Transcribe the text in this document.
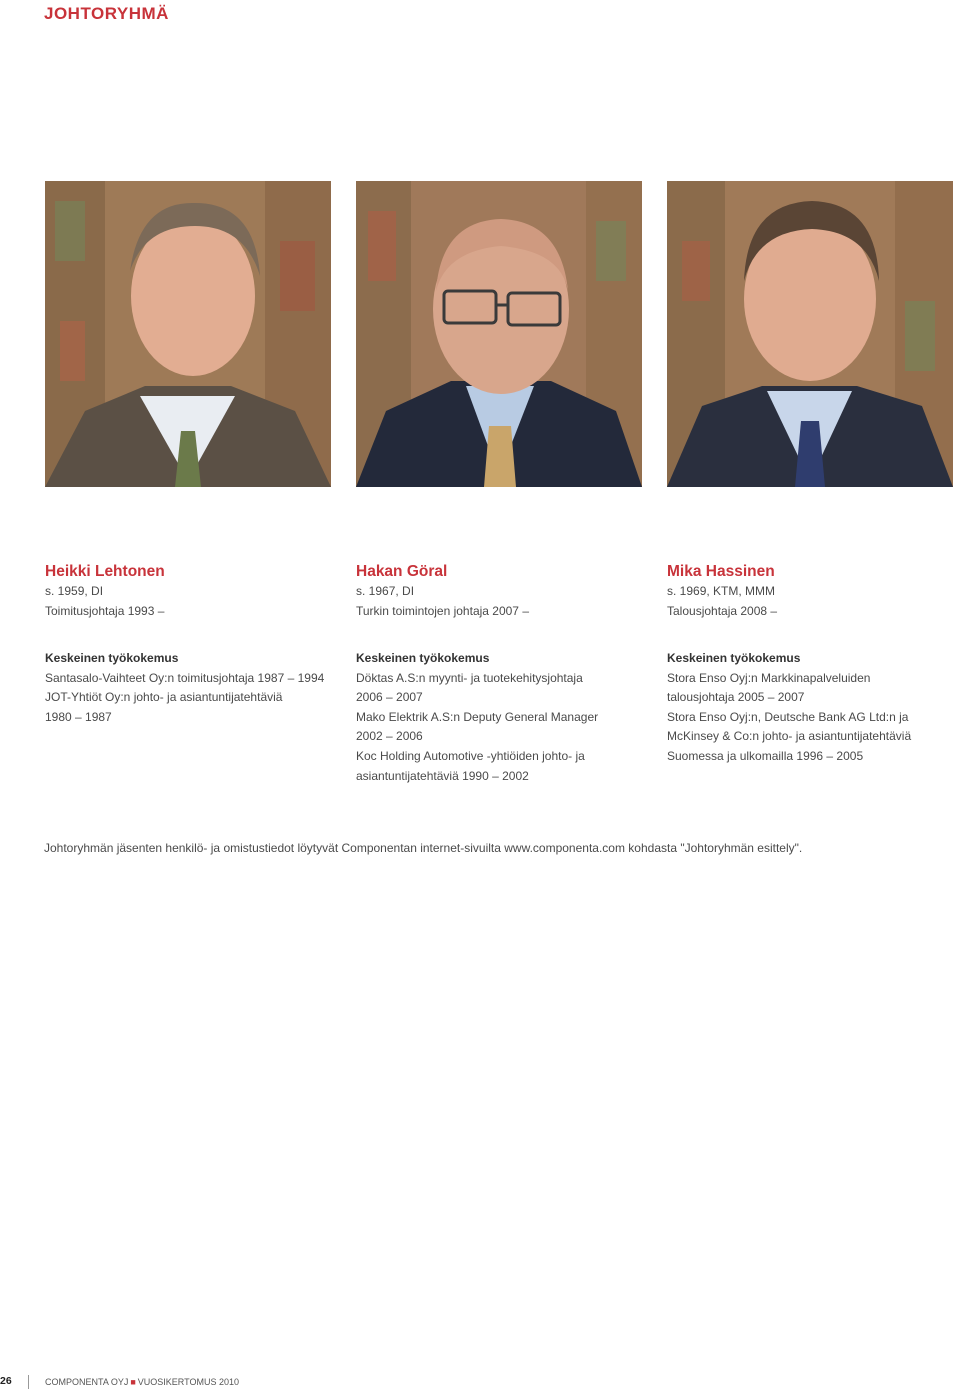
JOHTORYHMÄ

Heikki Lehtonen

s. 1959, DI

Toimitusjohtaja 1993 –

Keskeinen työkokemus

Santasalo-Vaihteet Oy:n toimitusjohtaja 1987 – 1994

JOT-Yhtiöt Oy:n johto- ja asiantuntijatehtäviä

1980 – 1987

Hakan Göral

s. 1967, DI

Turkin toimintojen johtaja 2007 –

Keskeinen työkokemus

Döktas A.S:n myynti- ja tuotekehitysjohtaja

2006 – 2007

Mako Elektrik A.S:n Deputy General Manager

2002 – 2006

Koc Holding Automotive -yhtiöiden johto- ja

asiantuntijatehtäviä 1990 – 2002

Mika Hassinen

s. 1969, KTM, MMM

Talousjohtaja 2008 –

Keskeinen työkokemus

Stora Enso Oyj:n Markkinapalveluiden

talousjohtaja 2005 – 2007

Stora Enso Oyj:n, Deutsche Bank AG Ltd:n ja

McKinsey & Co:n johto- ja asiantuntijatehtäviä

Suomessa ja ulkomailla 1996 – 2005

Johtoryhmän jäsenten henkilö- ja omistustiedot löytyvät Componentan internet-sivuilta www.componenta.com kohdasta "Johtoryhmän esittely".
26	COMPONENTA OYJ ■ VUOSIKERTOMUS 2010
